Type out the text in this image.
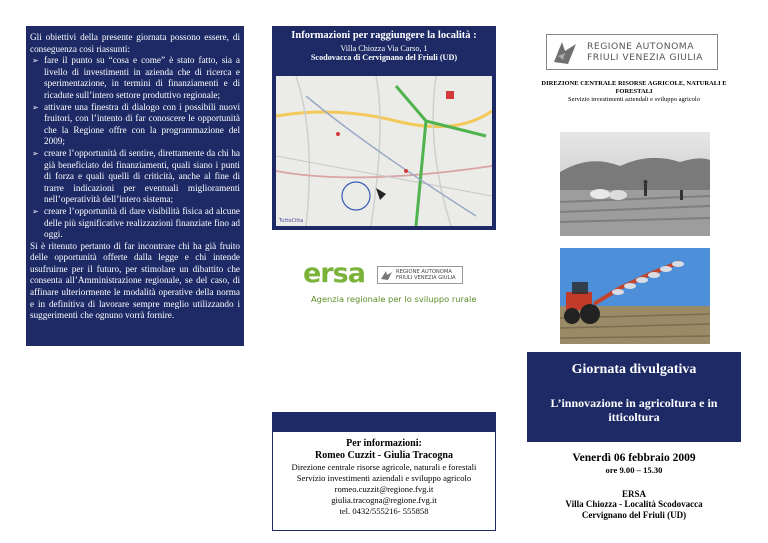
Gli obiettivi della presente giornata possono essere, di conseguenza così riassunti:

➢ fare il punto su “cosa e come” è stato fatto, sia a livello di investimenti in azienda che di ricerca e sperimentazione, in termini di finanziamenti e di ricadute sull’intero settore produttivo regionale;
➢ attivare una finestra di dialogo con i possibili nuovi fruitori, con l’intento di far conoscere le opportunità che la Regione offre con la programmazione del 2009;
➢ creare l’opportunità di sentire, direttamente da chi ha già beneficiato dei finanziamenti, quali siano i punti di forza e quali quelli di criticità, anche al fine di trarre indicazioni per eventuali miglioramenti nell’operatività dell’intero sistema;
➢ creare l’opportunità di dare visibilità fisica ad alcune delle più significative realizzazioni finanziate fino ad oggi.

Si è ritenuto pertanto di far incontrare chi ha già fruito delle opportunità offerte dalla legge e chi intende usufruirne per il futuro, per stimolare un dibattito che consenta all’Amministrazione regionale, se del caso, di affinare ulteriormente le modalità operative della norma e in definitiva di lavorare sempre meglio utilizzando i suggerimenti che ognuno vorrà fornire.

Informazioni per raggiungere la località :
Villa Chiozza Via Carso, 1
Scodovacca di Cervignano del Friuli (UD)
TuttoCitta
ersa	REGIONE AUTONOMA
FRIULI VENEZIA GIULIA
Agenzia regionale per lo sviluppo rurale
Per informazioni:
Romeo Cuzzit - Giulia Tracogna
Direzione centrale risorse agricole, naturali e forestali
Servizio investimenti aziendali e sviluppo agricolo
romeo.cuzzit@regione.fvg.it
giulia.tracogna@regione.fvg.it
tel. 0432/555216- 555858
REGIONE AUTONOMA
FRIULI VENEZIA GIULIA
DIREZIONE CENTRALE RISORSE AGRICOLE, NATURALI E FORESTALI
Servizio investimenti aziendali e sviluppo agricolo
Giornata divulgativa
L’innovazione in agricoltura e in itticoltura
Venerdì 06 febbraio 2009
ore 9.00 – 15.30
ERSA
Villa Chiozza - Località Scodovacca
Cervignano del Friuli (UD)
